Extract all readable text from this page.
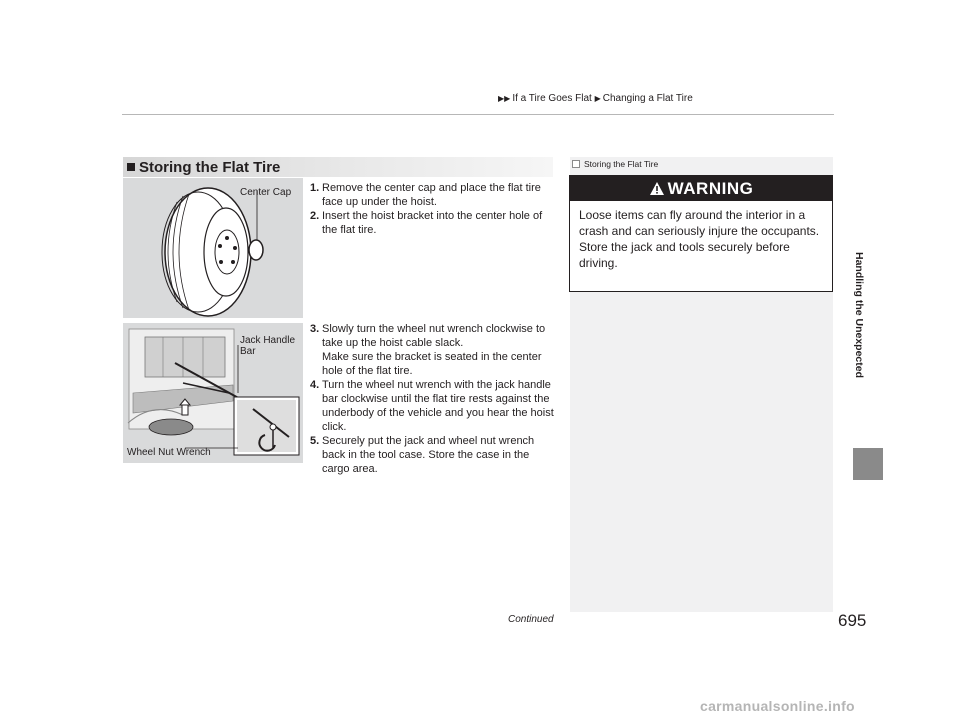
▶▶ If a Tire Goes Flat ▶ Changing a Flat Tire
Handling the Unexpected
Storing the Flat Tire
Center Cap
Jack Handle Bar
Wheel Nut Wrench
1. Remove the center cap and place the flat tire face up under the hoist.
2. Insert the hoist bracket into the center hole of the flat tire.
3. Slowly turn the wheel nut wrench clockwise to take up the hoist cable slack.
Make sure the bracket is seated in the center hole of the flat tire.
4. Turn the wheel nut wrench with the jack handle bar clockwise until the flat tire rests against the underbody of the vehicle and you hear the hoist click.
5. Securely put the jack and wheel nut wrench back in the tool case. Store the case in the cargo area.
Storing the Flat Tire
WARNING
Loose items can fly around the interior in a crash and can seriously injure the occupants.
Store the jack and tools securely before driving.
Continued	695
carmanualsonline.info
